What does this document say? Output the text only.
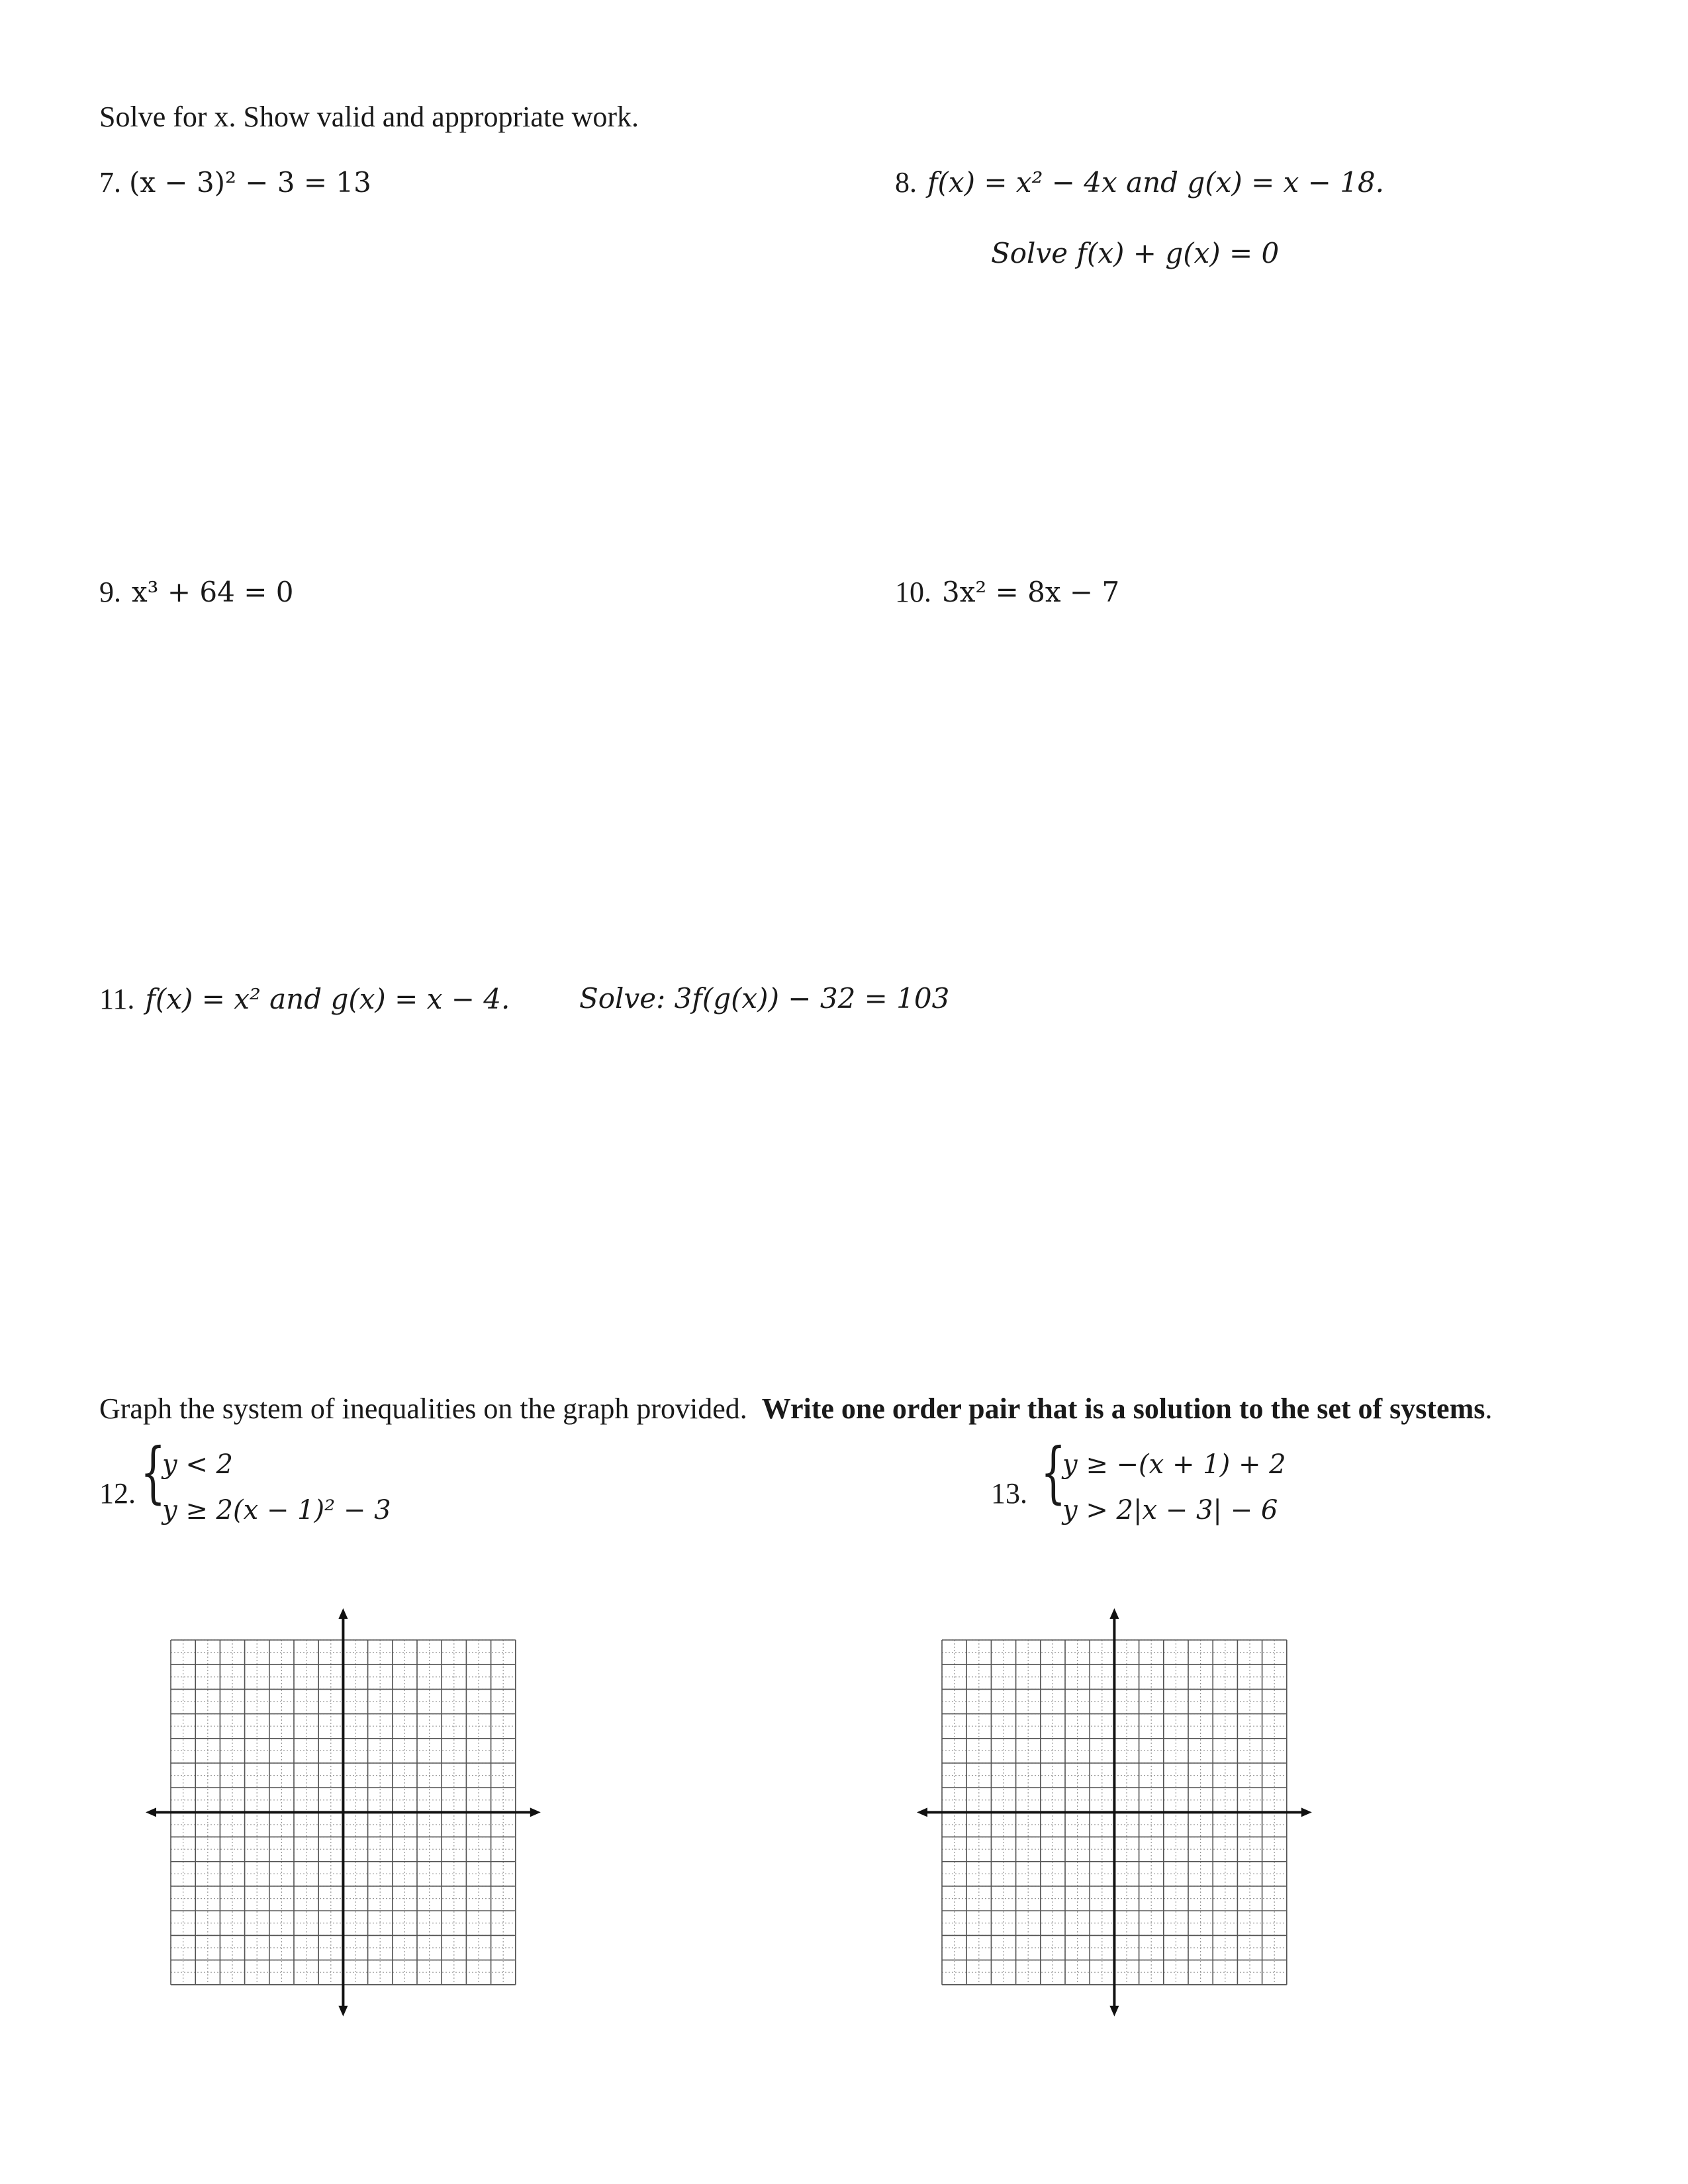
Solve for x. Show valid and appropriate work.
7. (x − 3)² − 3 = 13	8. f(x) = x² − 4x and g(x) = x − 18.
Solve f(x) + g(x) = 0
9. x³ + 64 = 0	10. 3x² = 8x − 7
11. f(x) = x² and g(x) = x − 4. Solve: 3f(g(x)) − 32 = 103
Graph the system of inequalities on the graph provided.  Write one order pair that is a solution to the set of systems.
12. {
y < 2
y ≥ 2(x − 1)² − 3
13. {
y ≥ −(x + 1) + 2
y > 2|x − 3| − 6
